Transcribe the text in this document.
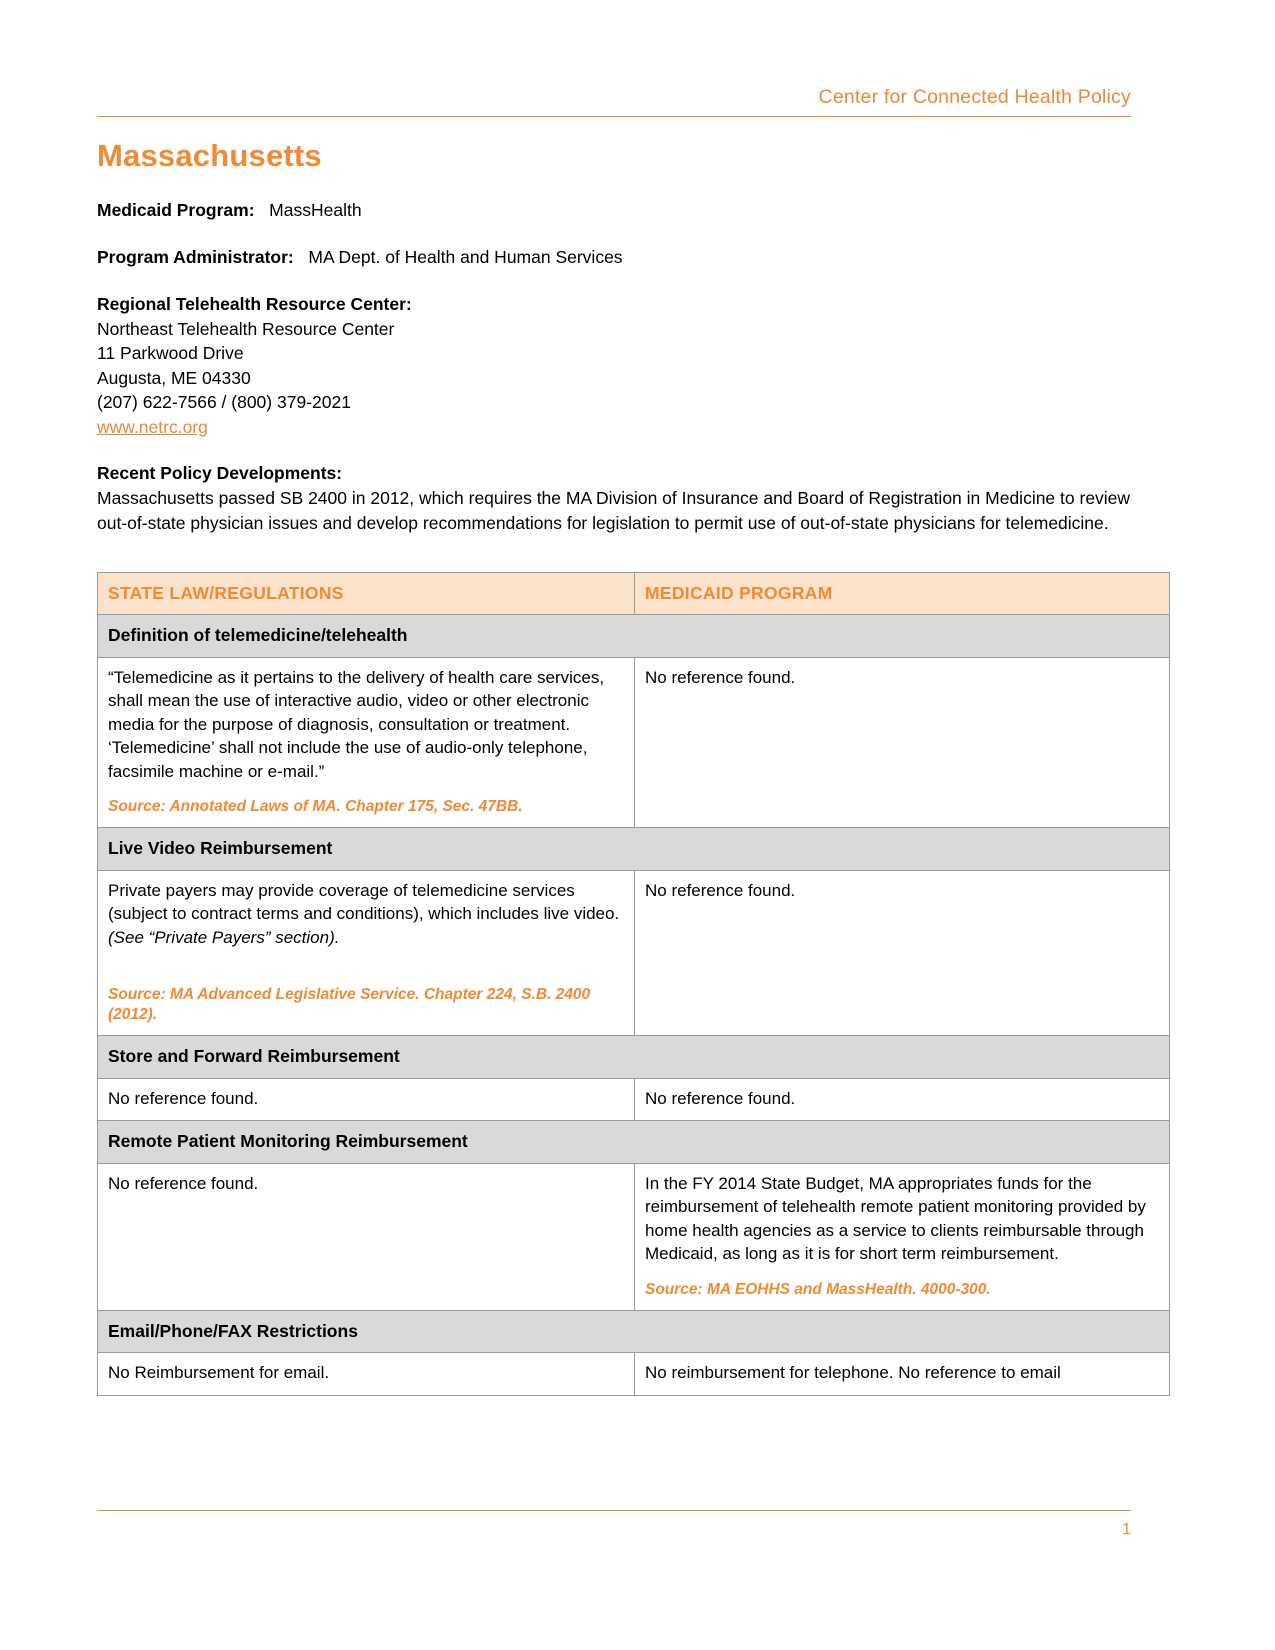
Center for Connected Health Policy
Massachusetts
Medicaid Program: MassHealth
Program Administrator: MA Dept. of Health and Human Services
Regional Telehealth Resource Center:
Northeast Telehealth Resource Center
11 Parkwood Drive
Augusta, ME 04330
(207) 622-7566 / (800) 379-2021
www.netrc.org
Recent Policy Developments:
Massachusetts passed SB 2400 in 2012, which requires the MA Division of Insurance and Board of Registration in Medicine to review out-of-state physician issues and develop recommendations for legislation to permit use of out-of-state physicians for telemedicine.
STATE LAW/REGULATIONS	MEDICAID PROGRAM
Definition of telemedicine/telehealth	
“Telemedicine as it pertains to the delivery of health care services, shall mean the use of interactive audio, video or other electronic media for the purpose of diagnosis, consultation or treatment. ‘Telemedicine’ shall not include the use of audio-only telephone, facsimile machine or e-mail.”
Source: Annotated Laws of MA. Chapter 175, Sec. 47BB.	No reference found.
Live Video Reimbursement	
Private payers may provide coverage of telemedicine services (subject to contract terms and conditions), which includes live video.
(See “Private Payers” section).
Source: MA Advanced Legislative Service. Chapter 224, S.B. 2400 (2012).	No reference found.
Store and Forward Reimbursement	
No reference found.	No reference found.
Remote Patient Monitoring Reimbursement	
No reference found.	In the FY 2014 State Budget, MA appropriates funds for the reimbursement of telehealth remote patient monitoring provided by home health agencies as a service to clients reimbursable through Medicaid, as long as it is for short term reimbursement.
Source: MA EOHHS and MassHealth. 4000-300.

Email/Phone/FAX Restrictions	
No Reimbursement for email.	No reimbursement for telephone. No reference to email
1
